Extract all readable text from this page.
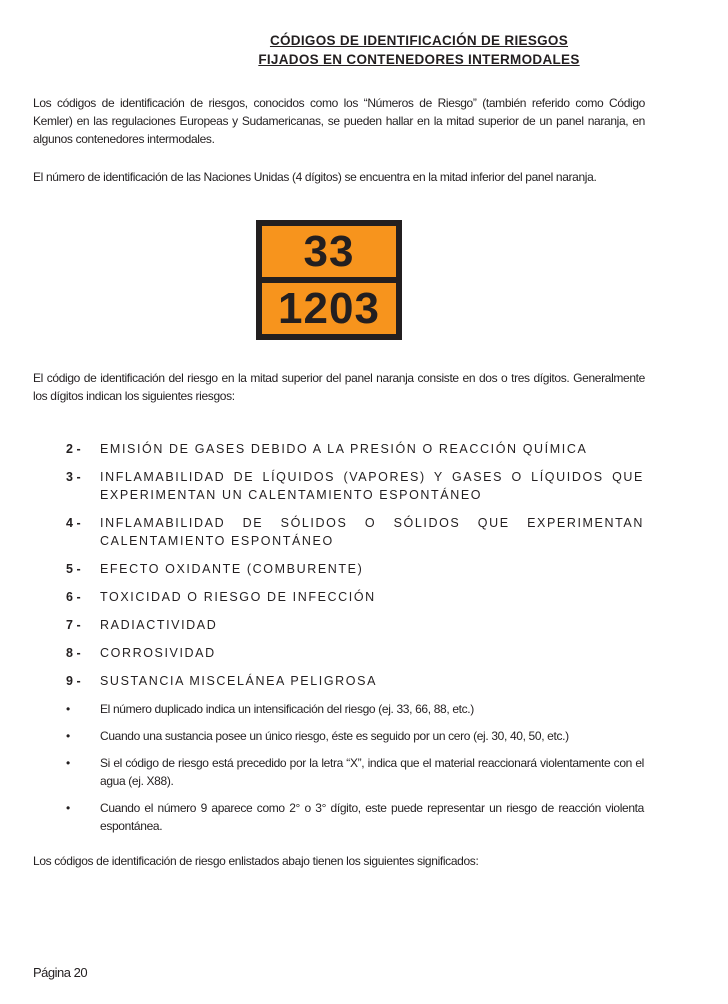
CÓDIGOS DE IDENTIFICACIÓN DE RIESGOS
FIJADOS EN CONTENEDORES INTERMODALES
Los códigos de identificación de riesgos, conocidos como los “Números de Riesgo” (también referido como Código Kemler) en las regulaciones Europeas y Sudamericanas, se pueden hallar en la mitad superior de un panel naranja, en algunos contenedores intermodales.
El número de identificación de las Naciones Unidas (4 dígitos) se encuentra en la mitad inferior del panel naranja.
33
1203
El código de identificación del riesgo en la mitad superior del panel naranja consiste en dos o tres dígitos. Generalmente los dígitos indican los siguientes riesgos:
2 -	EMISIÓN DE GASES DEBIDO A LA PRESIÓN O REACCIÓN QUÍMICA
3 -	INFLAMABILIDAD DE LÍQUIDOS (VAPORES) Y GASES O LÍQUIDOS QUE EXPERIMENTAN UN CALENTAMIENTO ESPONTÁNEO
4 -	INFLAMABILIDAD DE SÓLIDOS O SÓLIDOS QUE EXPERIMENTAN CALENTAMIENTO ESPONTÁNEO
5 -	EFECTO OXIDANTE (COMBURENTE)
6 -	TOXICIDAD O RIESGO DE INFECCIÓN
7 -	RADIACTIVIDAD
8 -	CORROSIVIDAD
9 -	SUSTANCIA MISCELÁNEA PELIGROSA
•	El número duplicado indica un intensificación del riesgo (ej. 33, 66, 88, etc.)
•	Cuando una sustancia posee un único riesgo, éste es seguido por un cero (ej. 30, 40, 50, etc.)
•	Si el código de riesgo está precedido por la letra “X”, indica que el material reaccionará violentamente con el agua (ej. X88).
•	Cuando el número 9 aparece como 2° o 3° dígito, este puede representar un riesgo de reacción violenta espontánea.
Los códigos de identificación de riesgo enlistados abajo tienen los siguientes significados:
Página 20
